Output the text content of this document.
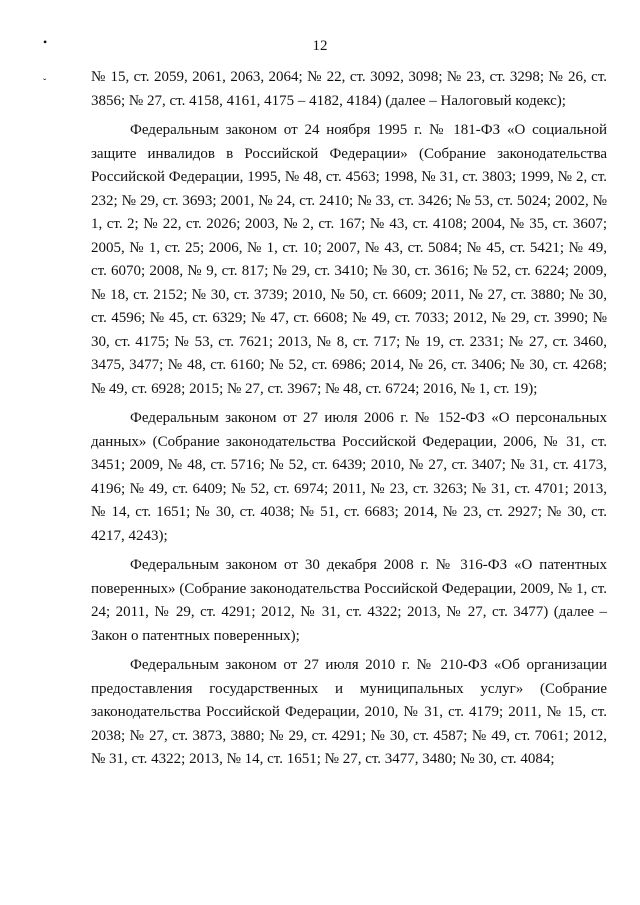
•
ˇ
12

№ 15, ст. 2059, 2061, 2063, 2064; № 22, ст. 3092, 3098; № 23, ст. 3298; № 26, ст. 3856; № 27, ст. 4158, 4161, 4175 – 4182, 4184) (далее – Налоговый кодекс);

Федеральным законом от 24 ноября 1995 г. № 181-ФЗ «О социальной защите инвалидов в Российской Федерации» (Собрание законодательства Российской Федерации, 1995, № 48, ст. 4563; 1998, № 31, ст. 3803; 1999, № 2, ст. 232; № 29, ст. 3693; 2001, № 24, ст. 2410; № 33, ст. 3426; № 53, ст. 5024; 2002, № 1, ст. 2; № 22, ст. 2026; 2003, № 2, ст. 167; № 43, ст. 4108; 2004, № 35, ст. 3607; 2005, № 1, ст. 25; 2006, № 1, ст. 10; 2007, № 43, ст. 5084; № 45, ст. 5421; № 49, ст. 6070; 2008, № 9, ст. 817; № 29, ст. 3410; № 30, ст. 3616; № 52, ст. 6224; 2009, № 18, ст. 2152; № 30, ст. 3739; 2010, № 50, ст. 6609; 2011, № 27, ст. 3880; № 30, ст. 4596; № 45, ст. 6329; № 47, ст. 6608; № 49, ст. 7033; 2012, № 29, ст. 3990; № 30, ст. 4175; № 53, ст. 7621; 2013, № 8, ст. 717; № 19, ст. 2331; № 27, ст. 3460, 3475, 3477; № 48, ст. 6160; № 52, ст. 6986; 2014, № 26, ст. 3406; № 30, ст. 4268; № 49, ст. 6928; 2015; № 27, ст. 3967; № 48, ст. 6724; 2016, № 1, ст. 19);

Федеральным законом от 27 июля 2006 г. № 152-ФЗ «О персональных данных» (Собрание законодательства Российской Федерации, 2006, № 31, ст. 3451; 2009, № 48, ст. 5716; № 52, ст. 6439; 2010, № 27, ст. 3407; № 31, ст. 4173, 4196; № 49, ст. 6409; № 52, ст. 6974; 2011, № 23, ст. 3263; № 31, ст. 4701; 2013, № 14, ст. 1651; № 30, ст. 4038; № 51, ст. 6683; 2014, № 23, ст. 2927; № 30, ст. 4217, 4243);

Федеральным законом от 30 декабря 2008 г. № 316-ФЗ «О патентных поверенных» (Собрание законодательства Российской Федерации, 2009, № 1, ст. 24; 2011, № 29, ст. 4291; 2012, № 31, ст. 4322; 2013, № 27, ст. 3477) (далее – Закон о патентных поверенных);

Федеральным законом от 27 июля 2010 г. № 210-ФЗ «Об организации предоставления государственных и муниципальных услуг» (Собрание законодательства Российской Федерации, 2010, № 31, ст. 4179; 2011, № 15, ст. 2038; № 27, ст. 3873, 3880; № 29, ст. 4291; № 30, ст. 4587; № 49, ст. 7061; 2012, № 31, ст. 4322; 2013, № 14, ст. 1651; № 27, ст. 3477, 3480; № 30, ст. 4084;
